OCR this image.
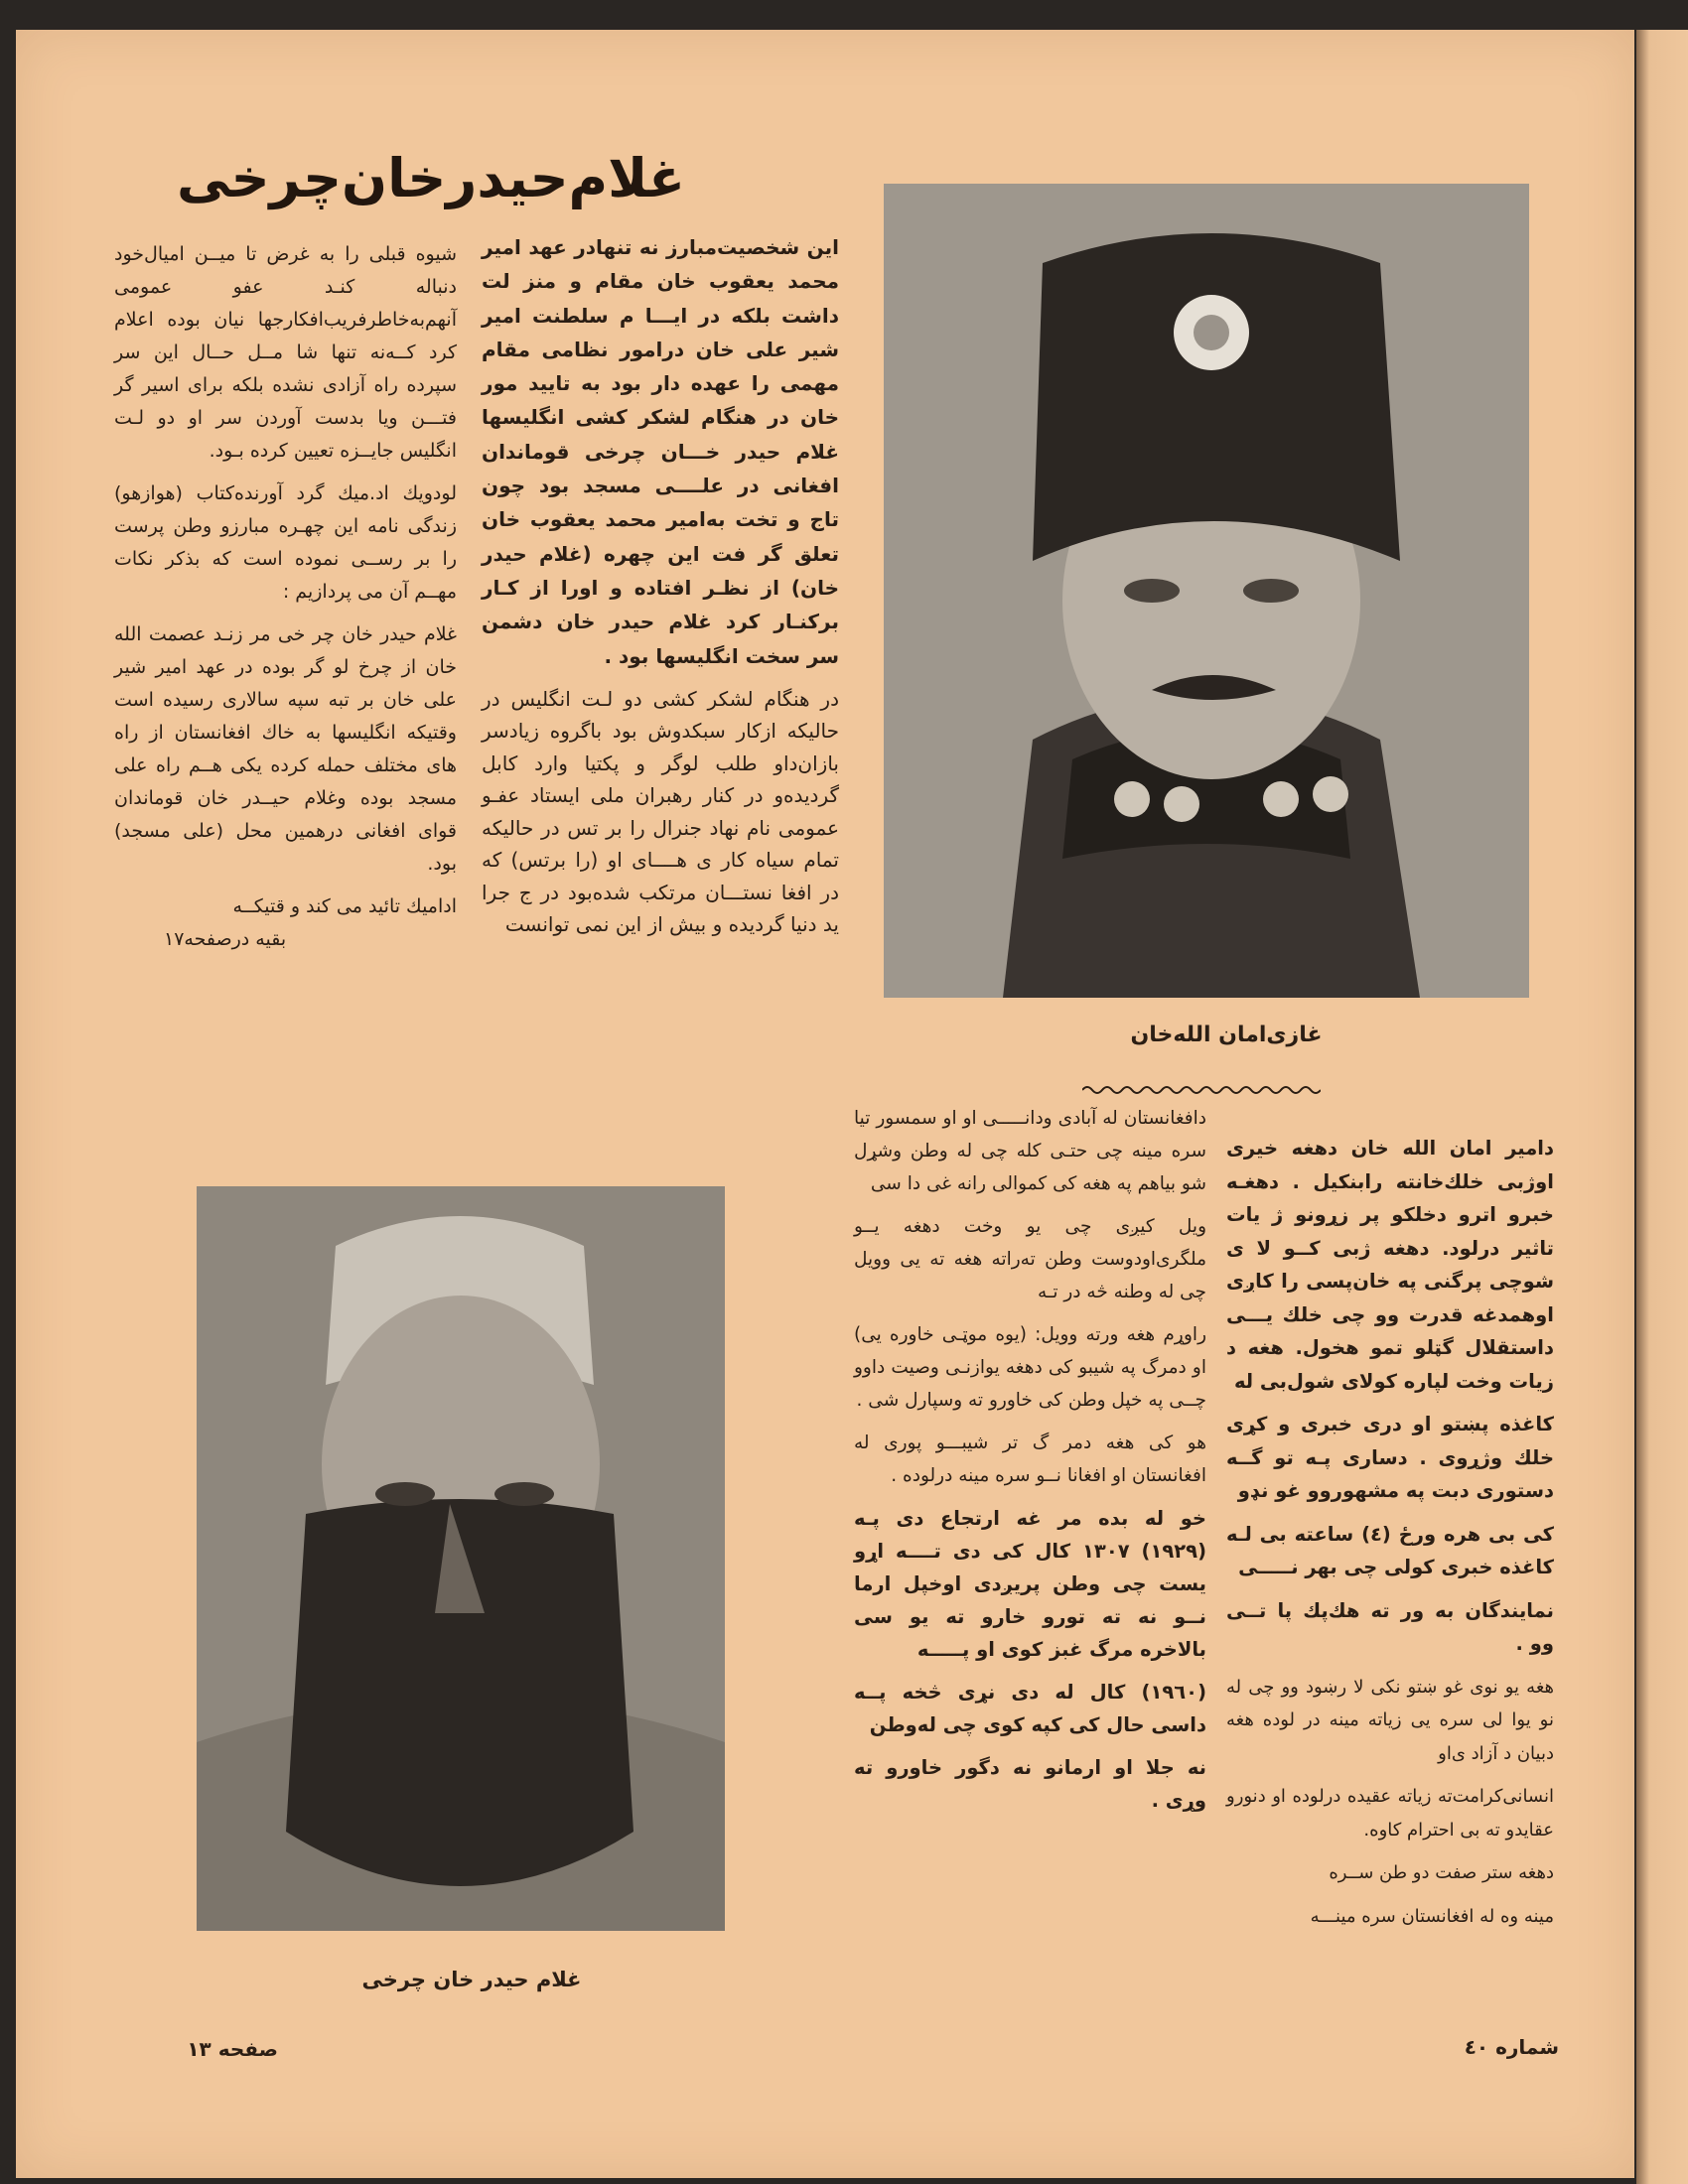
غلام‌حیدرخان‌چرخی

این شخصیت‌مبارز نه تنهادر عهد امیر محمد یعقوب خان مقام و منز لت داشت بلکه در ایـــا م سلطنت امیر شیر علی خان درامور نظامی مقام مهمی را عهده دار بود به تایید مور خان در هنگام لشکر کشی انگلیسها غلام حیدر خـــان چرخی قوماندان افغانی در علــــی مسجد بود چون تاج و تخت به‌امیر محمد یعقوب خان تعلق گر فت این چهره (غلام حیدر خان) از نظـر افتاده و اورا از کـار برکنـار کرد غلام حیدر خان دشمن سر سخت انگلیسها بود .

در هنگام لشکر کشی دو لـت انگلیس در حالیکه ازکار سبکدوش بود باگروه زیادسر بازان‌داو طلب لوگر و پکتیا وارد کابل گردیده‌و در کنار رهبران ملی ایستاد عفـو عمومی نام نهاد جنرال را بر تس در حالیکه تمام سیاه کار ی هــــای او (را برتس) که در افغا نستـــان مرتکب شده‌بود در ج جرا ید دنیا گردیده و بیش از این نمی توانست

شیوه قبلی را به غرض تا میــن امیال‌خود دنباله کنـد عفو عمومی آنهم‌به‌خاطرفریب‌افکارجها نیان بوده اعلام کرد کــه‌نه تنها شا مــل حــال این سر سپرده راه آزادی نشده بلکه برای اسیر گر فتـــن ویا بدست آوردن سر او دو لـت انگلیس جایــزه تعیین کرده بـود.

لودویك اد.میك گرد آورنده‌کتاب (هوازهو) زندگی نامه این چهـره مبارزو وطن پرست را بر رســی نموده است که بذکر نکات مهــم آن می پردازیم :

غلام حیدر خان چر خی مر زنـد عصمت الله خان از چرخ لو گر بوده در عهد امیر شیر علی خان بر تبه سپه سالاری رسیده است وقتیکه انگلیسها به خاك افغانستان از راه های مختلف حمله کرده یکی هــم راه علی مسجد بوده وغلام حیــدر خان قوماندان قوای افغانی درهمین محل (علی مسجد) بود.

ادامیك تائید می کند و قتیکــه

بقیه درصفحه۱۷
غازی‌امان الله‌خان
غلام حیدر خان چرخی

دامیر امان الله خان دهغه خیری اوژبی خلك‌خانته رابنکیل . دهغـه خبرو اترو دخلکو پر زړونو ژ یات تاثیر درلود. دهغه ژبی کــو لا ی شوچی پرگنی په خان‌پسی را کاږی اوهمدغه قدرت وو چی خلك یـــی داستقلال گټلو تمو هخول. هغه د زيات وخت لپاره کولای شول‌بی له

کاغذه پښتو او دری خبری و کړی خلك وژړوی . دساری پـه تو گــه دستوری دبت په مشهوروو غو نډو

کی بی هره ورځ (٤) ساعته بی لـه کاغذه خبری کولی چی بهر نـــــی

نمایندگان به ور ته هك‌پك پا تــی وو .

هغه يو نوی غو ښتو نکی لا رښود وو چی له نو یوا لی سره يی زياته مينه در لوده هغه دبیان د آزاد ی‌او

انسانی‌کرامت‌ته زياته عقیده درلوده او دنورو عقايدو ته بی احترام کاوه.

دهغه ستر صفت دو طن ســره

مینه وه له افغانستان سره مینـــه

دافغانستان له آبادی ودانـــــی او او سمسور تیا سره مینه چی حتـی کله چی له وطن وشړل شو بیاهم په هغه کی کموالی رانه غی دا سی

ویل کیږی چی یو وخت دهغه یــو ملگری‌اودوست وطن ته‌راته هغه ته يی وويل چی له وطنه څه در تـه

راوړم هغه ورته وویل: (یوه موټـی خاوره يی) او دمرگ په شیبو کی دهغه یوازنـی وصیت داوو چــی په خپل وطن کی خاورو ته وسپارل شی .

هو کی هغه دمر گ تر شیبـــو پوری له افغانستان او افغانا نــو سره مینه درلوده .

خو له بده مر غه ارتجاع دی پـه (۱۹۲۹) ۱۳۰۷ کال کی دی تــــه اړو یست چی وطن پریږدی اوخپل ارما نــو نه ته تورو خارو ته يو سی بالاخره مرگ غبز کوی او پـــــه

(۱۹٦۰) کال له دی نړی څخه پــه داسی حال کی کپه کوی چی له‌وطن

نه جلا او ارمانو نه دگور خاورو ته وړی .

صفحه ۱۳	شماره ٤۰
